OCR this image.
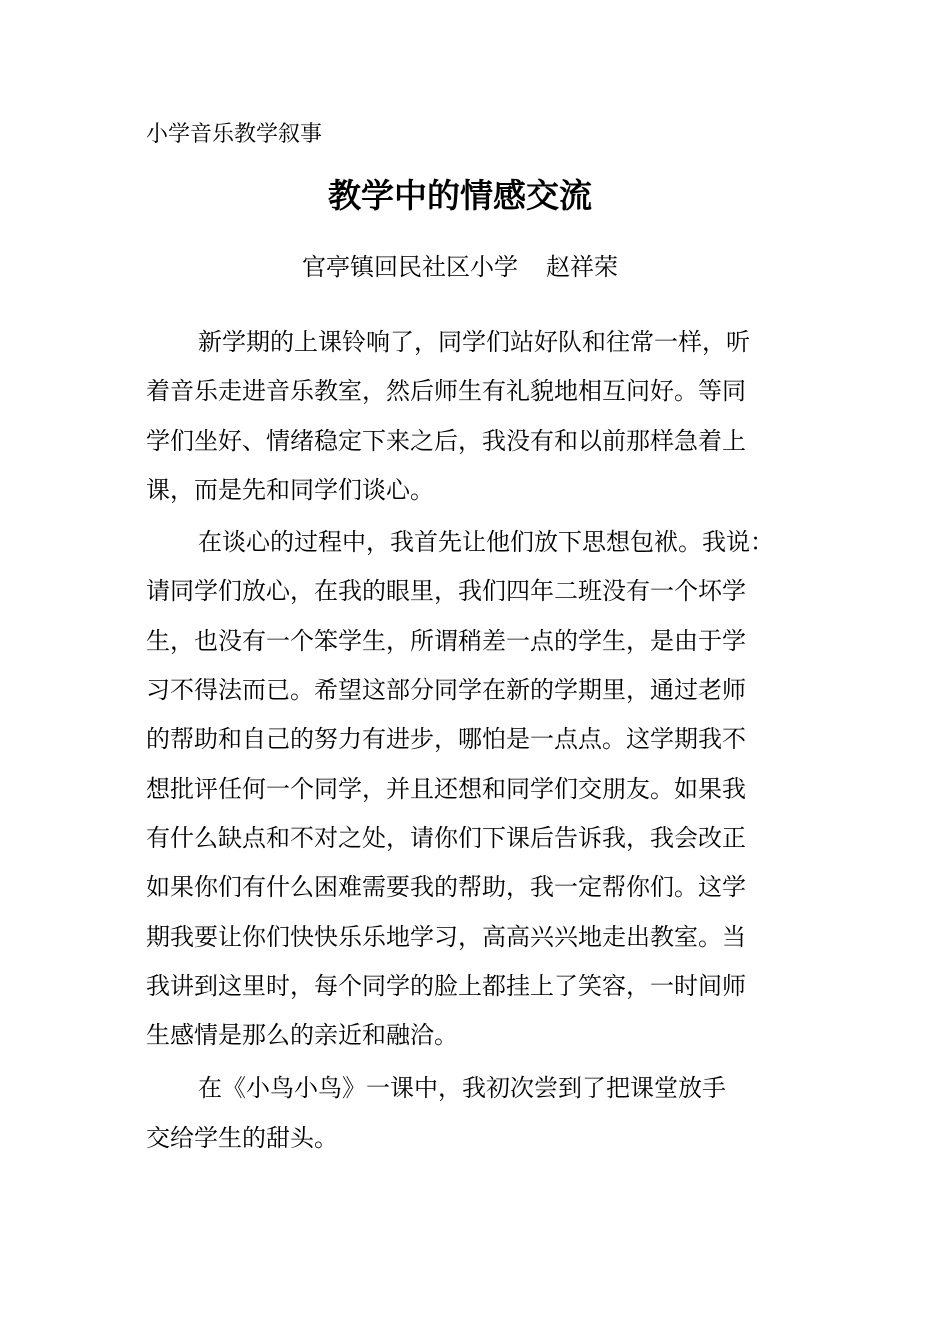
小学音乐教学叙事
教学中的情感交流
官亭镇回民社区小学 赵祥荣
新学期的上课铃响了，同学们站好队和往常一样，听
着音乐走进音乐教室，然后师生有礼貌地相互问好。等同
学们坐好、情绪稳定下来之后，我没有和以前那样急着上
课，而是先和同学们谈心。
在谈心的过程中，我首先让他们放下思想包袱。我说：
请同学们放心，在我的眼里，我们四年二班没有一个坏学
生，也没有一个笨学生，所谓稍差一点的学生，是由于学
习不得法而已。希望这部分同学在新的学期里，通过老师
的帮助和自己的努力有进步，哪怕是一点点。这学期我不
想批评任何一个同学，并且还想和同学们交朋友。如果我
有什么缺点和不对之处，请你们下课后告诉我，我会改正
如果你们有什么困难需要我的帮助，我一定帮你们。这学
期我要让你们快快乐乐地学习，高高兴兴地走出教室。当
我讲到这里时，每个同学的脸上都挂上了笑容，一时间师
生感情是那么的亲近和融洽。
在《小鸟小鸟》一课中，我初次尝到了把课堂放手
交给学生的甜头。
